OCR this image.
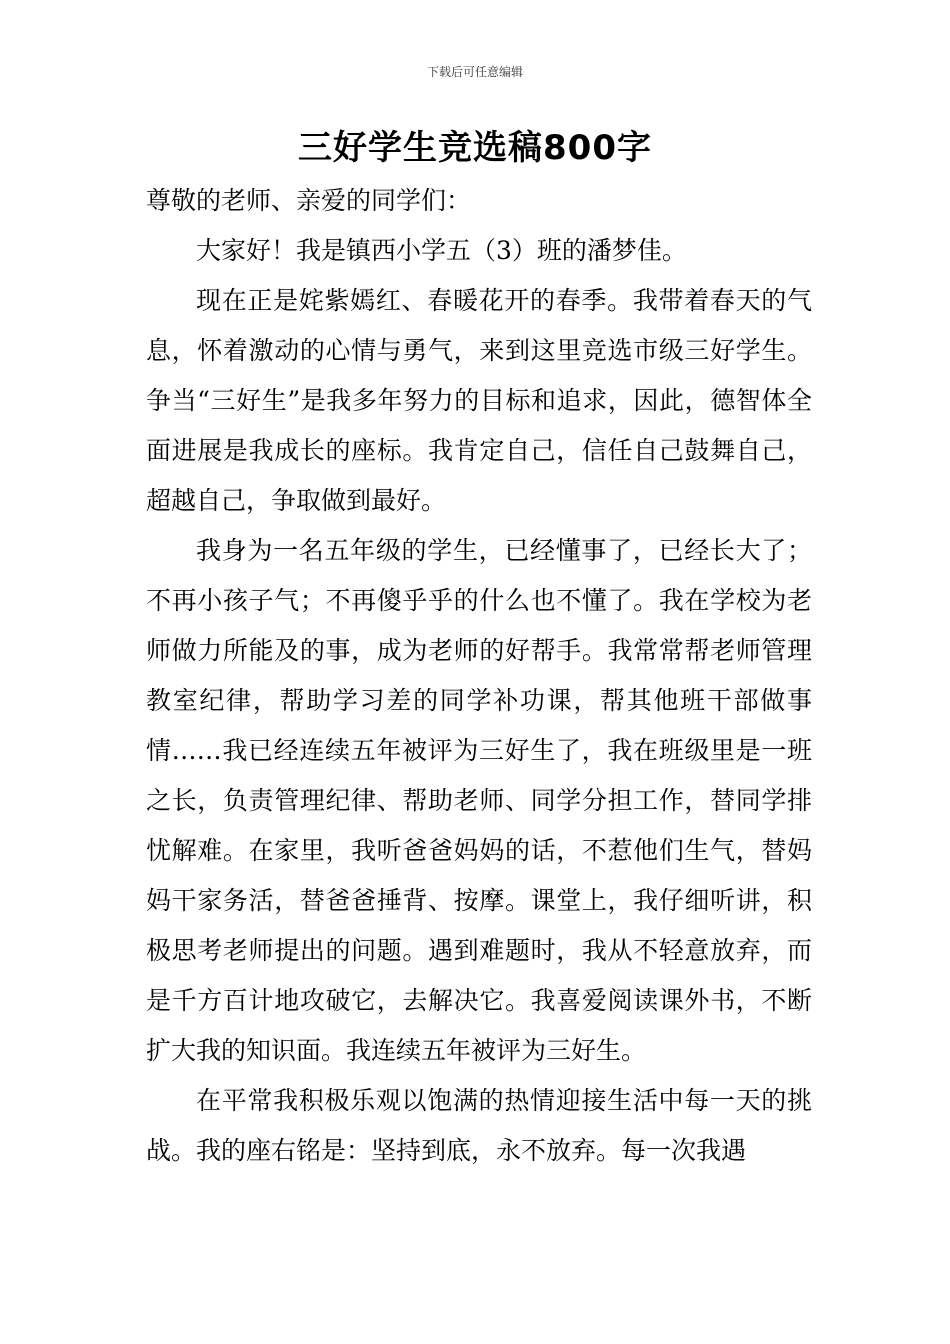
下载后可任意编辑
三好学生竞选稿800字

尊敬的老师、亲爱的同学们：

大家好！我是镇西小学五（3）班的潘梦佳。

现在正是姹紫嫣红、春暖花开的春季。我带着春天的气息，怀着激动的心情与勇气，来到这里竞选市级三好学生。争当“三好生”是我多年努力的目标和追求，因此，德智体全面进展是我成长的座标。我肯定自己，信任自己鼓舞自己，超越自己，争取做到最好。

我身为一名五年级的学生，已经懂事了，已经长大了；不再小孩子气；不再傻乎乎的什么也不懂了。我在学校为老师做力所能及的事，成为老师的好帮手。我常常帮老师管理教室纪律，帮助学习差的同学补功课，帮其他班干部做事情……我已经连续五年被评为三好生了，我在班级里是一班之长，负责管理纪律、帮助老师、同学分担工作，替同学排忧解难。在家里，我听爸爸妈妈的话，不惹他们生气，替妈妈干家务活，替爸爸捶背、按摩。课堂上，我仔细听讲，积极思考老师提出的问题。遇到难题时，我从不轻意放弃，而是千方百计地攻破它，去解决它。我喜爱阅读课外书，不断扩大我的知识面。我连续五年被评为三好生。

在平常我积极乐观以饱满的热情迎接生活中每一天的挑战。我的座右铭是：坚持到底，永不放弃。每一次我遇
